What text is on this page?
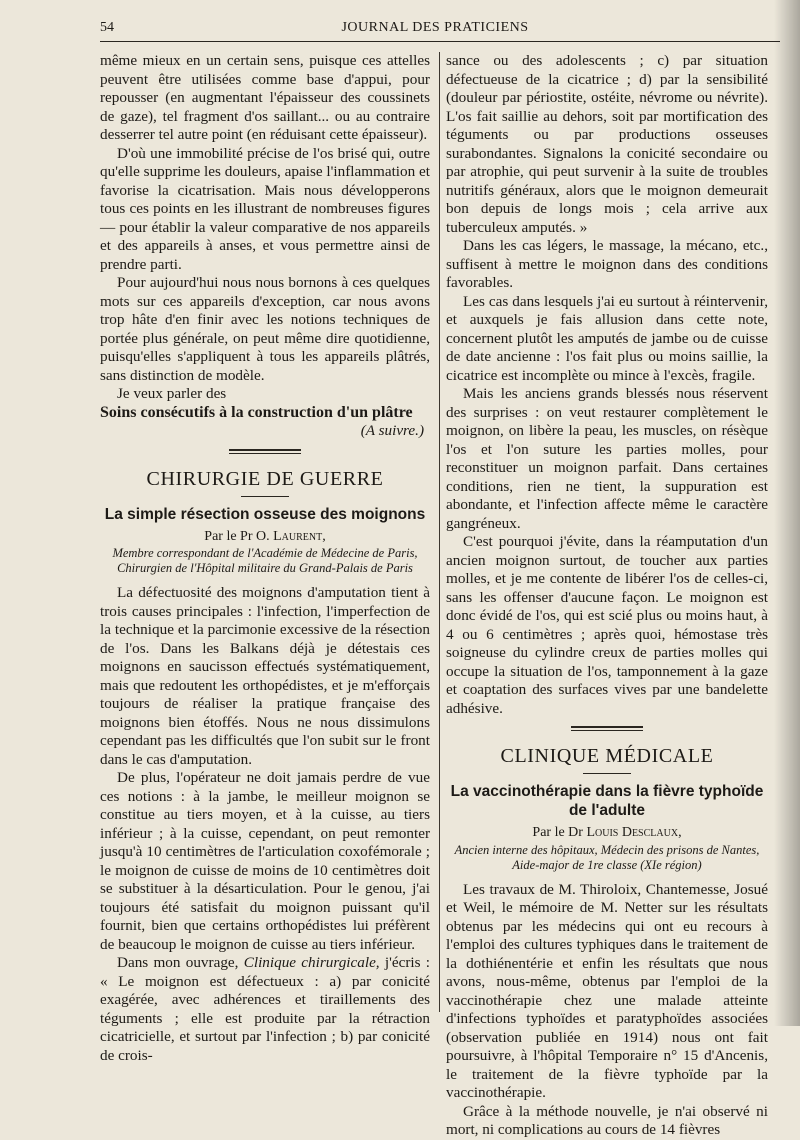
54	JOURNAL DES PRATICIENS

même mieux en un certain sens, puisque ces attelles peuvent être utilisées comme base d'appui, pour repousser (en augmentant l'épaisseur des coussinets de gaze), tel fragment d'os saillant... ou au contraire desserrer tel autre point (en réduisant cette épaisseur).

D'où une immobilité précise de l'os brisé qui, outre qu'elle supprime les douleurs, apaise l'inflammation et favorise la cicatrisation. Mais nous développerons tous ces points en les illustrant de nombreuses figures — pour établir la valeur comparative de nos appareils et des appareils à anses, et vous permettre ainsi de prendre parti.

Pour aujourd'hui nous nous bornons à ces quelques mots sur ces appareils d'exception, car nous avons trop hâte d'en finir avec les notions techniques de portée plus générale, on peut même dire quotidienne, puisqu'elles s'appliquent à tous les appareils plâtrés, sans distinction de modèle.

Je veux parler des

Soins consécutifs à la construction d'un plâtre

(A suivre.)

CHIRURGIE DE GUERRE
La simple résection osseuse des moignons
Par le Pr O. Laurent,
Membre correspondant de l'Académie de Médecine de Paris,
Chirurgien de l'Hôpital militaire du Grand-Palais de Paris

La défectuosité des moignons d'amputation tient à trois causes principales : l'infection, l'imperfection de la technique et la parcimonie excessive de la résection de l'os. Dans les Balkans déjà je détestais ces moignons en saucisson effectués systématiquement, mais que redoutent les orthopédistes, et je m'efforçais toujours de réaliser la pratique française des moignons bien étoffés. Nous ne nous dissimulons cependant pas les difficultés que l'on subit sur le front dans le cas d'amputation.

De plus, l'opérateur ne doit jamais perdre de vue ces notions : à la jambe, le meilleur moignon se constitue au tiers moyen, et à la cuisse, au tiers inférieur ; à la cuisse, cependant, on peut remonter jusqu'à 10 centimètres de l'articulation coxofémorale ; le moignon de cuisse de moins de 10 centimètres doit se substituer à la désarticulation. Pour le genou, j'ai toujours été satisfait du moignon puissant qu'il fournit, bien que certains orthopédistes lui préfèrent de beaucoup le moignon de cuisse au tiers inférieur.

Dans mon ouvrage, Clinique chirurgicale, j'écris : « Le moignon est défectueux : a) par conicité exagérée, avec adhérences et tiraillements des téguments ; elle est produite par la rétraction cicatricielle, et surtout par l'infection ; b) par conicité de crois-

sance ou des adolescents ; c) par situation défectueuse de la cicatrice ; d) par la sensibilité (douleur par périostite, ostéite, névrome ou névrite). L'os fait saillie au dehors, soit par mortification des téguments ou par productions osseuses surabondantes. Signalons la conicité secondaire ou par atrophie, qui peut survenir à la suite de troubles nutritifs généraux, alors que le moignon demeurait bon depuis de longs mois ; cela arrive aux tuberculeux amputés. »

Dans les cas légers, le massage, la mécano, etc., suffisent à mettre le moignon dans des conditions favorables.

Les cas dans lesquels j'ai eu surtout à réintervenir, et auxquels je fais allusion dans cette note, concernent plutôt les amputés de jambe ou de cuisse de date ancienne : l'os fait plus ou moins saillie, la cicatrice est incomplète ou mince à l'excès, fragile.

Mais les anciens grands blessés nous réservent des surprises : on veut restaurer complètement le moignon, on libère la peau, les muscles, on résèque l'os et l'on suture les parties molles, pour reconstituer un moignon parfait. Dans certaines conditions, rien ne tient, la suppuration est abondante, et l'infection affecte même le caractère gangréneux.

C'est pourquoi j'évite, dans la réamputation d'un ancien moignon surtout, de toucher aux parties molles, et je me contente de libérer l'os de celles-ci, sans les offenser d'aucune façon. Le moignon est donc évidé de l'os, qui est scié plus ou moins haut, à 4 ou 6 centimètres ; après quoi, hémostase très soigneuse du cylindre creux de parties molles qui occupe la situation de l'os, tamponnement à la gaze et coaptation des surfaces vives par une bandelette adhésive.

CLINIQUE MÉDICALE
La vaccinothérapie dans la fièvre typhoïde de l'adulte
Par le Dr Louis Desclaux,
Ancien interne des hôpitaux, Médecin des prisons de Nantes,
Aide-major de 1re classe (XIe région)

Les travaux de M. Thiroloix, Chantemesse, Josué et Weil, le mémoire de M. Netter sur les résultats obtenus par les médecins qui ont eu recours à l'emploi des cultures typhiques dans le traitement de la dothiénentérie et enfin les résultats que nous avons, nous-même, obtenus par l'emploi de la vaccinothérapie chez une malade atteinte d'infections typhoïdes et paratyphoïdes associées (observation publiée en 1914) nous ont fait poursuivre, à l'hôpital Temporaire n° 15 d'Ancenis, le traitement de la fièvre typhoïde par la vaccinothérapie.

Grâce à la méthode nouvelle, je n'ai observé ni mort, ni complications au cours de 14 fièvres
